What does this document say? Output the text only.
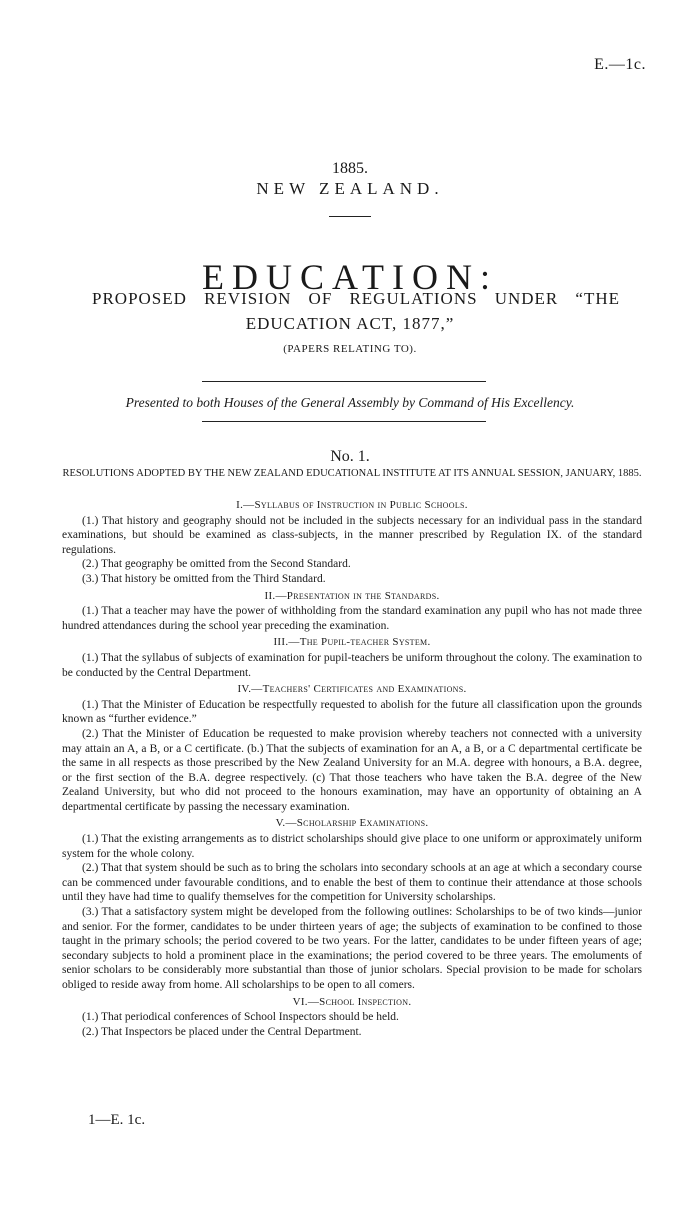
E.—1c.
1885.
NEW ZEALAND.
EDUCATION:
PROPOSED REVISION OF REGULATIONS UNDER “THE
EDUCATION ACT, 1877,”
(PAPERS RELATING TO).
Presented to both Houses of the General Assembly by Command of His Excellency.
No. 1.
RESOLUTIONS ADOPTED BY THE NEW ZEALAND EDUCATIONAL INSTITUTE AT ITS ANNUAL SESSION, JANUARY, 1885.
I.—Syllabus of Instruction in Public Schools.

(1.) That history and geography should not be included in the subjects necessary for an individual pass in the standard examinations, but should be examined as class-subjects, in the manner prescribed by Regulation IX. of the standard regulations.

(2.) That geography be omitted from the Second Standard.

(3.) That history be omitted from the Third Standard.

II.—Presentation in the Standards.

(1.) That a teacher may have the power of withholding from the standard examination any pupil who has not made three hundred attendances during the school year preceding the examination.

III.—The Pupil-teacher System.

(1.) That the syllabus of subjects of examination for pupil-teachers be uniform throughout the colony. The examination to be conducted by the Central Department.

IV.—Teachers' Certificates and Examinations.

(1.) That the Minister of Education be respectfully requested to abolish for the future all classification upon the grounds known as “further evidence.”

(2.) That the Minister of Education be requested to make provision whereby teachers not connected with a university may attain an A, a B, or a C certificate. (b.) That the subjects of examination for an A, a B, or a C departmental certificate be the same in all respects as those prescribed by the New Zealand University for an M.A. degree with honours, a B.A. degree, or the first section of the B.A. degree respectively. (c) That those teachers who have taken the B.A. degree of the New Zealand University, but who did not proceed to the honours examination, may have an opportunity of obtaining an A departmental certificate by passing the necessary examination.

V.—Scholarship Examinations.

(1.) That the existing arrangements as to district scholarships should give place to one uniform or approximately uniform system for the whole colony.

(2.) That that system should be such as to bring the scholars into secondary schools at an age at which a secondary course can be commenced under favourable conditions, and to enable the best of them to continue their attendance at those schools until they have had time to qualify themselves for the competition for University scholarships.

(3.) That a satisfactory system might be developed from the following outlines: Scholarships to be of two kinds—junior and senior. For the former, candidates to be under thirteen years of age; the subjects of examination to be confined to those taught in the primary schools; the period covered to be two years. For the latter, candidates to be under fifteen years of age; secondary subjects to hold a prominent place in the examinations; the period covered to be three years. The emoluments of senior scholars to be considerably more substantial than those of junior scholars. Special provision to be made for scholars obliged to reside away from home. All scholarships to be open to all comers.

VI.—School Inspection.

(1.) That periodical conferences of School Inspectors should be held.

(2.) That Inspectors be placed under the Central Department.

1—E. 1c.
